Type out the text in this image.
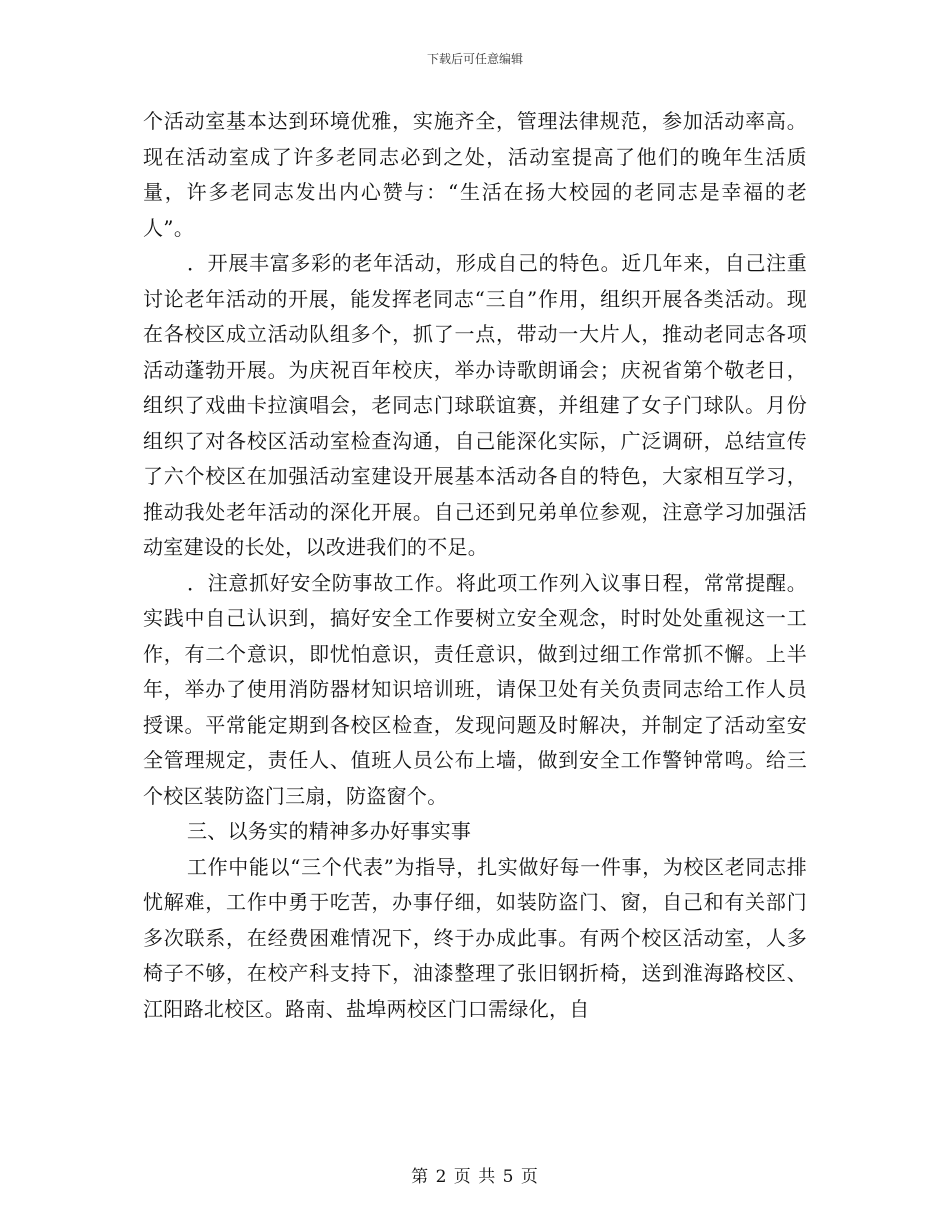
下载后可任意编辑

个活动室基本达到环境优雅，实施齐全，管理法律规范，参加活动率高。现在活动室成了许多老同志必到之处，活动室提高了他们的晚年生活质量，许多老同志发出内心赞与：“生活在扬大校园的老同志是幸福的老人”。

．开展丰富多彩的老年活动，形成自己的特色。近几年来，自己注重讨论老年活动的开展，能发挥老同志“三自”作用，组织开展各类活动。现在各校区成立活动队组多个，抓了一点，带动一大片人，推动老同志各项活动蓬勃开展。为庆祝百年校庆，举办诗歌朗诵会；庆祝省第个敬老日，组织了戏曲卡拉演唱会，老同志门球联谊赛，并组建了女子门球队。月份组织了对各校区活动室检查沟通，自己能深化实际，广泛调研，总结宣传了六个校区在加强活动室建设开展基本活动各自的特色，大家相互学习，推动我处老年活动的深化开展。自己还到兄弟单位参观，注意学习加强活动室建设的长处，以改进我们的不足。

．注意抓好安全防事故工作。将此项工作列入议事日程，常常提醒。实践中自己认识到，搞好安全工作要树立安全观念，时时处处重视这一工作，有二个意识，即忧怕意识，责任意识，做到过细工作常抓不懈。上半年，举办了使用消防器材知识培训班，请保卫处有关负责同志给工作人员授课。平常能定期到各校区检查，发现问题及时解决，并制定了活动室安全管理规定，责任人、值班人员公布上墙，做到安全工作警钟常鸣。给三个校区装防盗门三扇，防盗窗个。

三、以务实的精神多办好事实事

工作中能以“三个代表”为指导，扎实做好每一件事，为校区老同志排忧解难，工作中勇于吃苦，办事仔细，如装防盗门、窗，自己和有关部门多次联系，在经费困难情况下，终于办成此事。有两个校区活动室，人多椅子不够，在校产科支持下，油漆整理了张旧钢折椅，送到淮海路校区、江阳路北校区。路南、盐埠两校区门口需绿化，自

第 2 页 共 5 页
